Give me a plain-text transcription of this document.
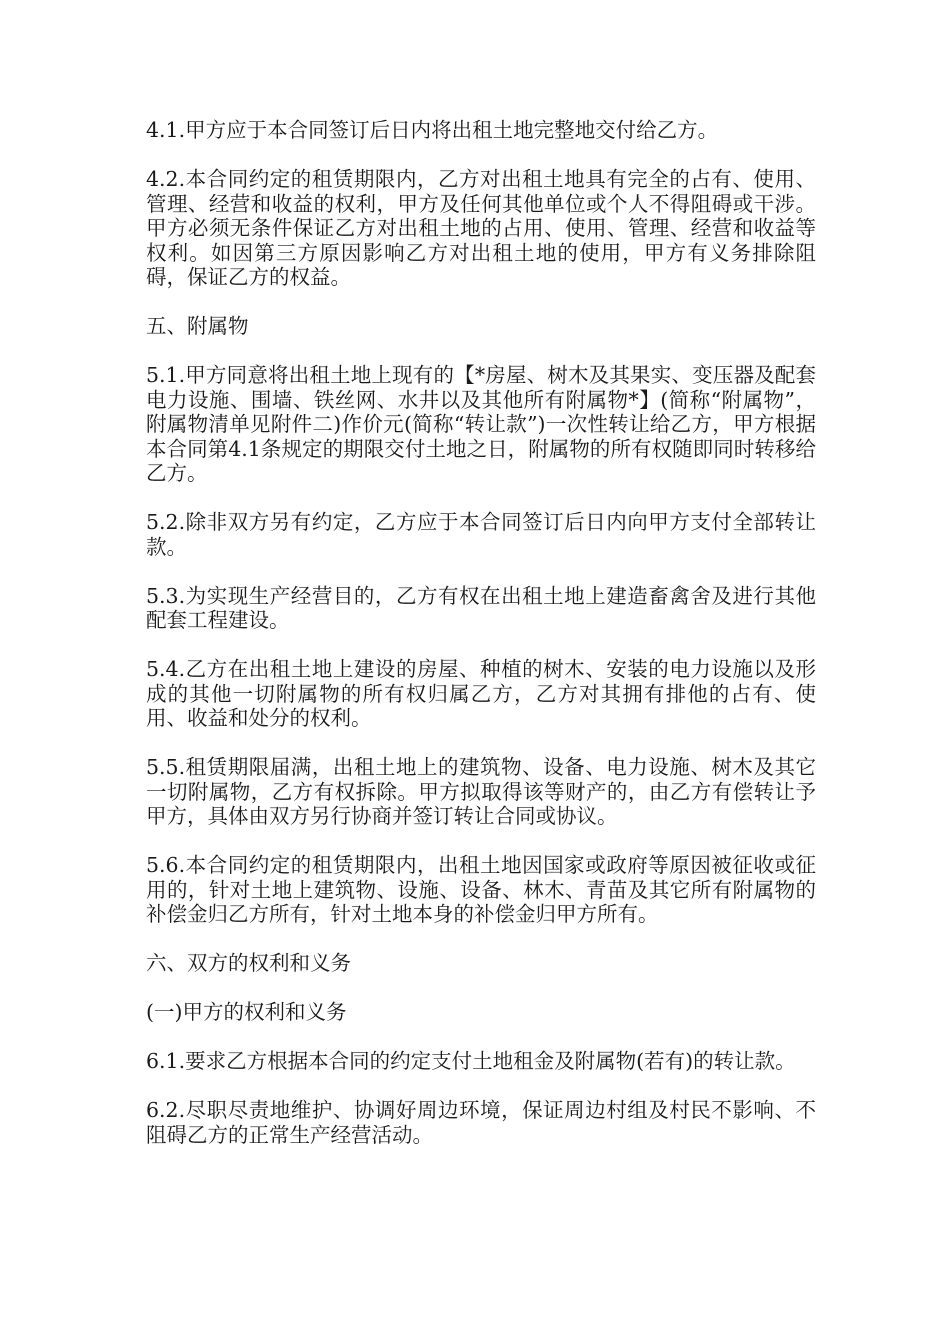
4.1.甲方应于本合同签订后日内将出租土地完整地交付给乙方。

4.2.本合同约定的租赁期限内，乙方对出租土地具有完全的占有、使用、管理、经营和收益的权利，甲方及任何其他单位或个人不得阻碍或干涉。甲方必须无条件保证乙方对出租土地的占用、使用、管理、经营和收益等权利。如因第三方原因影响乙方对出租土地的使用，甲方有义务排除阻碍，保证乙方的权益。

五、附属物

5.1.甲方同意将出租土地上现有的【*房屋、树木及其果实、变压器及配套电力设施、围墙、铁丝网、水井以及其他所有附属物*】(简称“附属物”，附属物清单见附件二)作价元(简称“转让款”)一次性转让给乙方，甲方根据本合同第4.1条规定的期限交付土地之日，附属物的所有权随即同时转移给乙方。

5.2.除非双方另有约定，乙方应于本合同签订后日内向甲方支付全部转让款。

5.3.为实现生产经营目的，乙方有权在出租土地上建造畜禽舍及进行其他配套工程建设。

5.4.乙方在出租土地上建设的房屋、种植的树木、安装的电力设施以及形成的其他一切附属物的所有权归属乙方，乙方对其拥有排他的占有、使用、收益和处分的权利。

5.5.租赁期限届满，出租土地上的建筑物、设备、电力设施、树木及其它一切附属物，乙方有权拆除。甲方拟取得该等财产的，由乙方有偿转让予甲方，具体由双方另行协商并签订转让合同或协议。

5.6.本合同约定的租赁期限内，出租土地因国家或政府等原因被征收或征用的，针对土地上建筑物、设施、设备、林木、青苗及其它所有附属物的补偿金归乙方所有，针对土地本身的补偿金归甲方所有。

六、双方的权利和义务

(一)甲方的权利和义务

6.1.要求乙方根据本合同的约定支付土地租金及附属物(若有)的转让款。

6.2.尽职尽责地维护、协调好周边环境，保证周边村组及村民不影响、不阻碍乙方的正常生产经营活动。
